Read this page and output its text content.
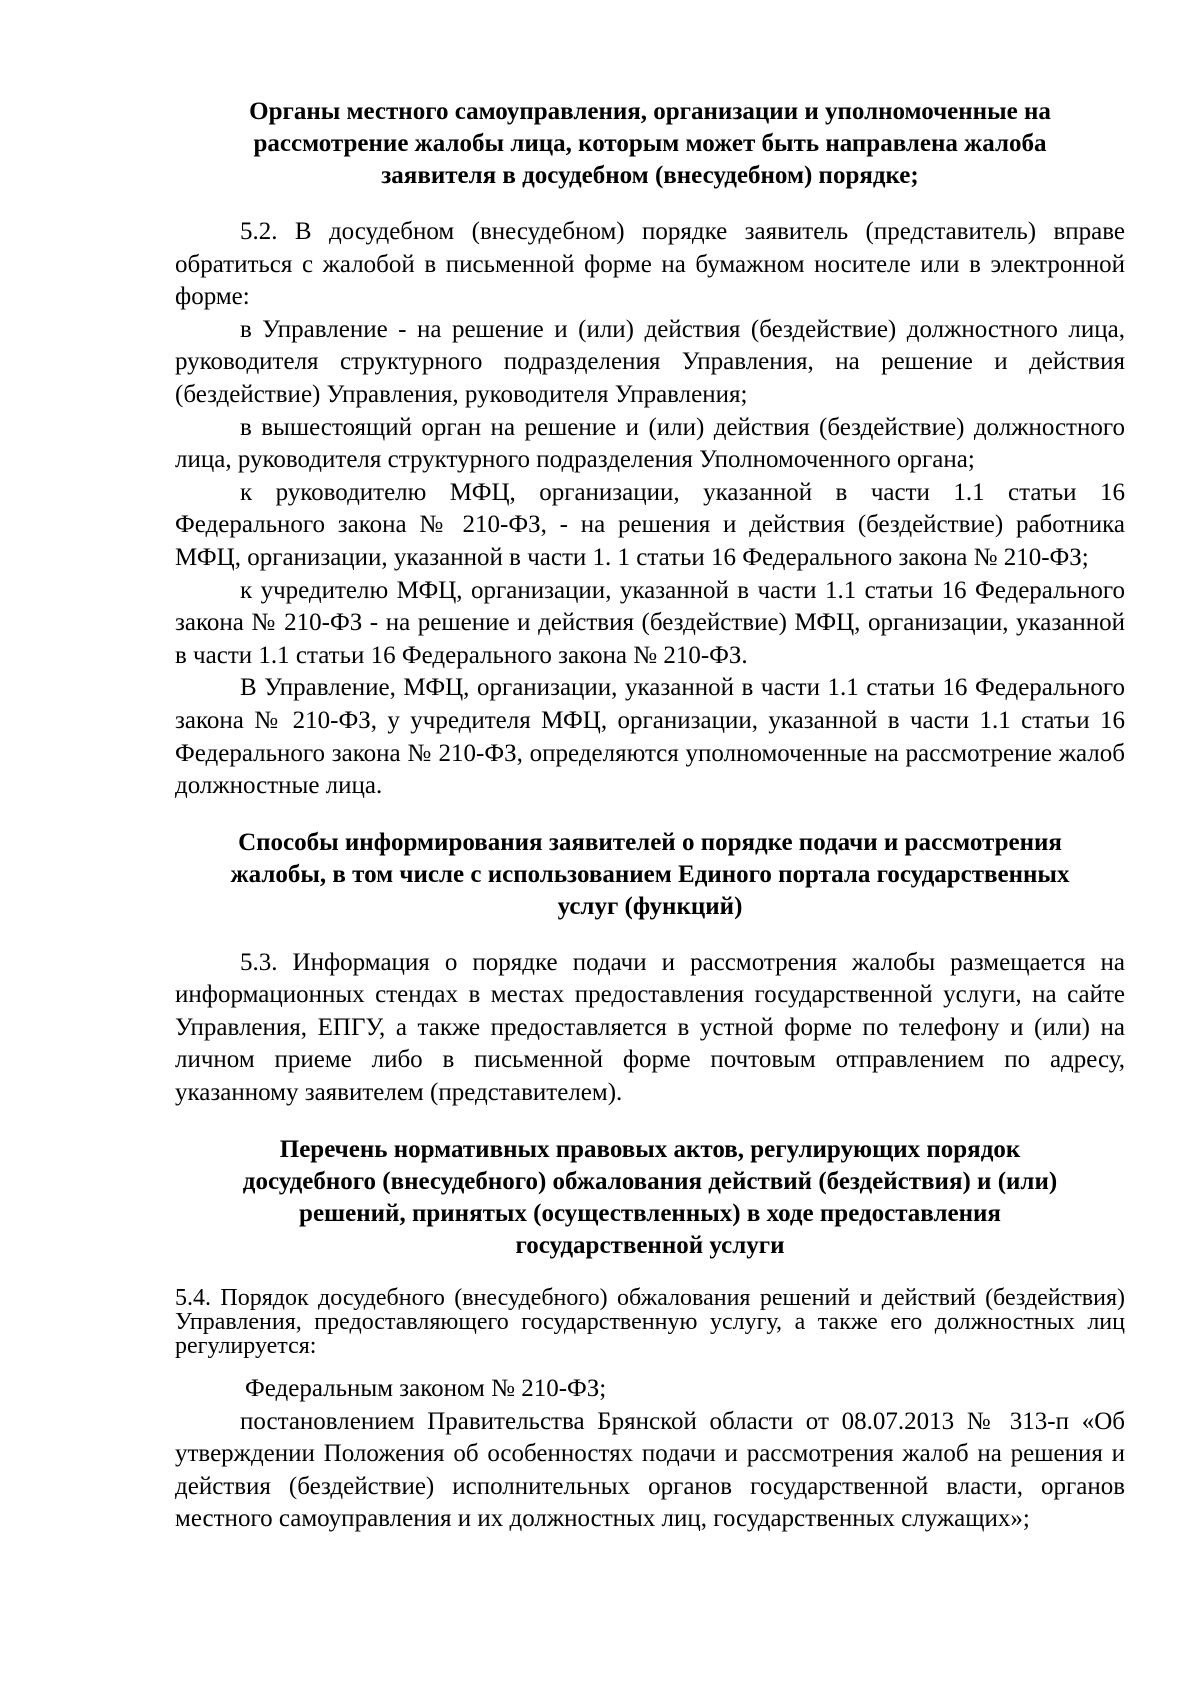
Органы местного самоуправления, организации и уполномоченные на рассмотрение жалобы лица, которым может быть направлена жалоба заявителя в досудебном (внесудебном) порядке;

5.2. В досудебном (внесудебном) порядке заявитель (представитель) вправе обратиться с жалобой в письменной форме на бумажном носителе или в электронной форме:

в Управление - на решение и (или) действия (бездействие) должностного лица, руководителя структурного подразделения Управления, на решение и действия (бездействие) Управления, руководителя Управления;

в вышестоящий орган на решение и (или) действия (бездействие) должностного лица, руководителя структурного подразделения Уполномоченного органа;

к руководителю МФЦ, организации, указанной в части 1.1 статьи 16 Федерального закона № 210-ФЗ, - на решения и действия (бездействие) работника МФЦ, организации, указанной в части 1. 1 статьи 16 Федерального закона № 210-ФЗ;

к учредителю МФЦ, организации, указанной в части 1.1 статьи 16 Федерального закона № 210-ФЗ - на решение и действия (бездействие) МФЦ, организации, указанной в части 1.1 статьи 16 Федерального закона № 210-ФЗ.

В Управление, МФЦ, организации, указанной в части 1.1 статьи 16 Федерального закона № 210-ФЗ, у учредителя МФЦ, организации, указанной в части 1.1 статьи 16 Федерального закона № 210-ФЗ, определяются уполномоченные на рассмотрение жалоб должностные лица.

Способы информирования заявителей о порядке подачи и рассмотрения жалобы, в том числе с использованием Единого портала государственных услуг (функций)

5.3. Информация о порядке подачи и рассмотрения жалобы размещается на информационных стендах в местах предоставления государственной услуги, на сайте Управления, ЕПГУ, а также предоставляется в устной форме по телефону и (или) на личном приеме либо в письменной форме почтовым отправлением по адресу, указанному заявителем (представителем).

Перечень нормативных правовых актов, регулирующих порядок досудебного (внесудебного) обжалования действий (бездействия) и (или) решений, принятых (осуществленных) в ходе предоставления государственной услуги

5.4. Порядок досудебного (внесудебного) обжалования решений и действий (бездействия) Управления, предоставляющего государственную услугу, а также его должностных лиц регулируется:

Федеральным законом № 210-ФЗ;

постановлением Правительства Брянской области от 08.07.2013 № 313-п «Об утверждении Положения об особенностях подачи и рассмотрения жалоб на решения и действия (бездействие) исполнительных органов государственной власти, органов местного самоуправления и их должностных лиц, государственных служащих»;
